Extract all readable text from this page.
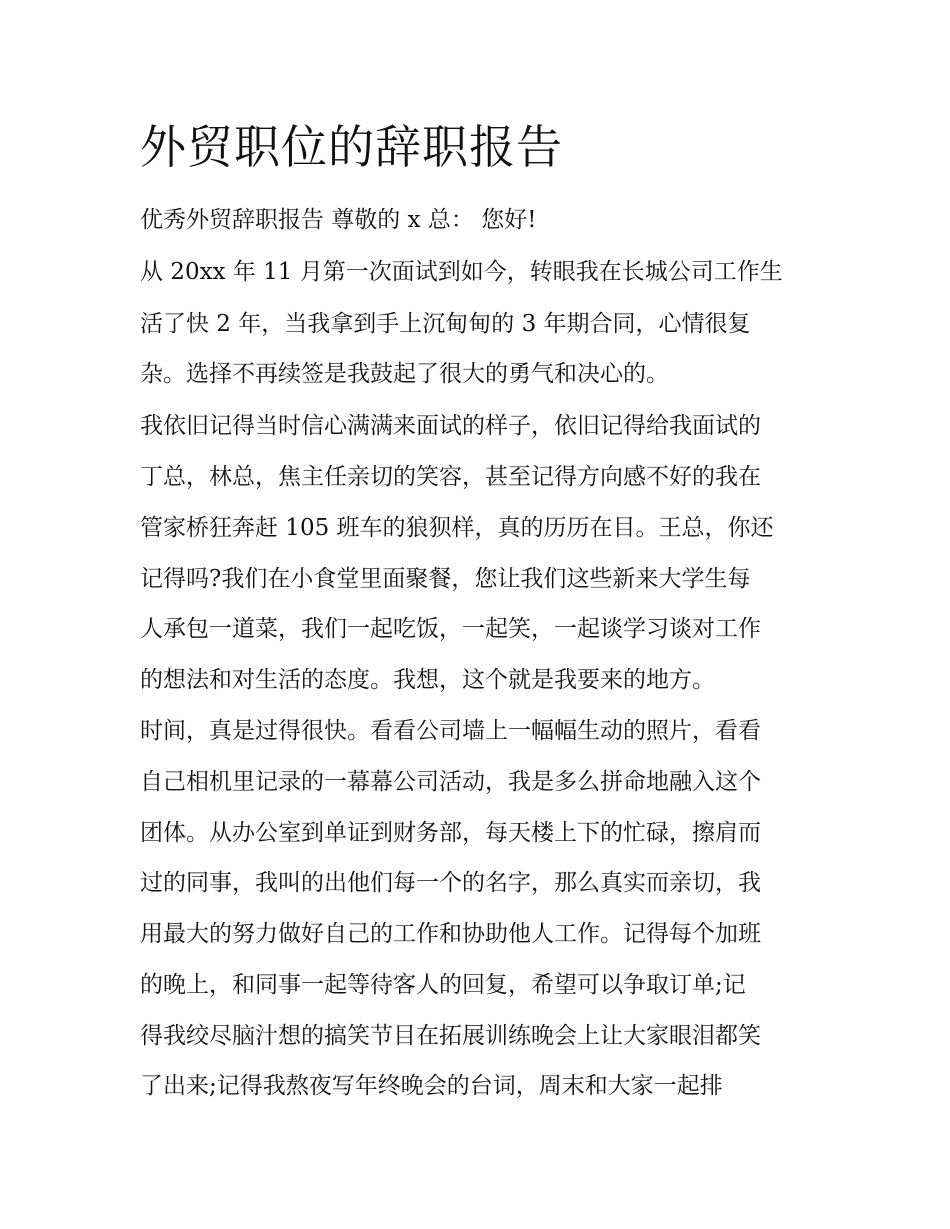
外贸职位的辞职报告
优秀外贸辞职报告 尊敬的 x 总： 您好!
从 20xx 年 11 月第一次面试到如今，转眼我在长城公司工作生
活了快 2 年，当我拿到手上沉甸甸的 3 年期合同，心情很复
杂。选择不再续签是我鼓起了很大的勇气和决心的。
我依旧记得当时信心满满来面试的样子，依旧记得给我面试的
丁总，林总，焦主任亲切的笑容，甚至记得方向感不好的我在
管家桥狂奔赶 105 班车的狼狈样，真的历历在目。王总，你还
记得吗?我们在小食堂里面聚餐，您让我们这些新来大学生每
人承包一道菜，我们一起吃饭，一起笑，一起谈学习谈对工作
的想法和对生活的态度。我想，这个就是我要来的地方。
时间，真是过得很快。看看公司墙上一幅幅生动的照片，看看
自己相机里记录的一幕幕公司活动，我是多么拼命地融入这个
团体。从办公室到单证到财务部，每天楼上下的忙碌，擦肩而
过的同事，我叫的出他们每一个的名字，那么真实而亲切，我
用最大的努力做好自己的工作和协助他人工作。记得每个加班
的晚上，和同事一起等待客人的回复，希望可以争取订单;记
得我绞尽脑汁想的搞笑节目在拓展训练晚会上让大家眼泪都笑
了出来;记得我熬夜写年终晚会的台词，周末和大家一起排
